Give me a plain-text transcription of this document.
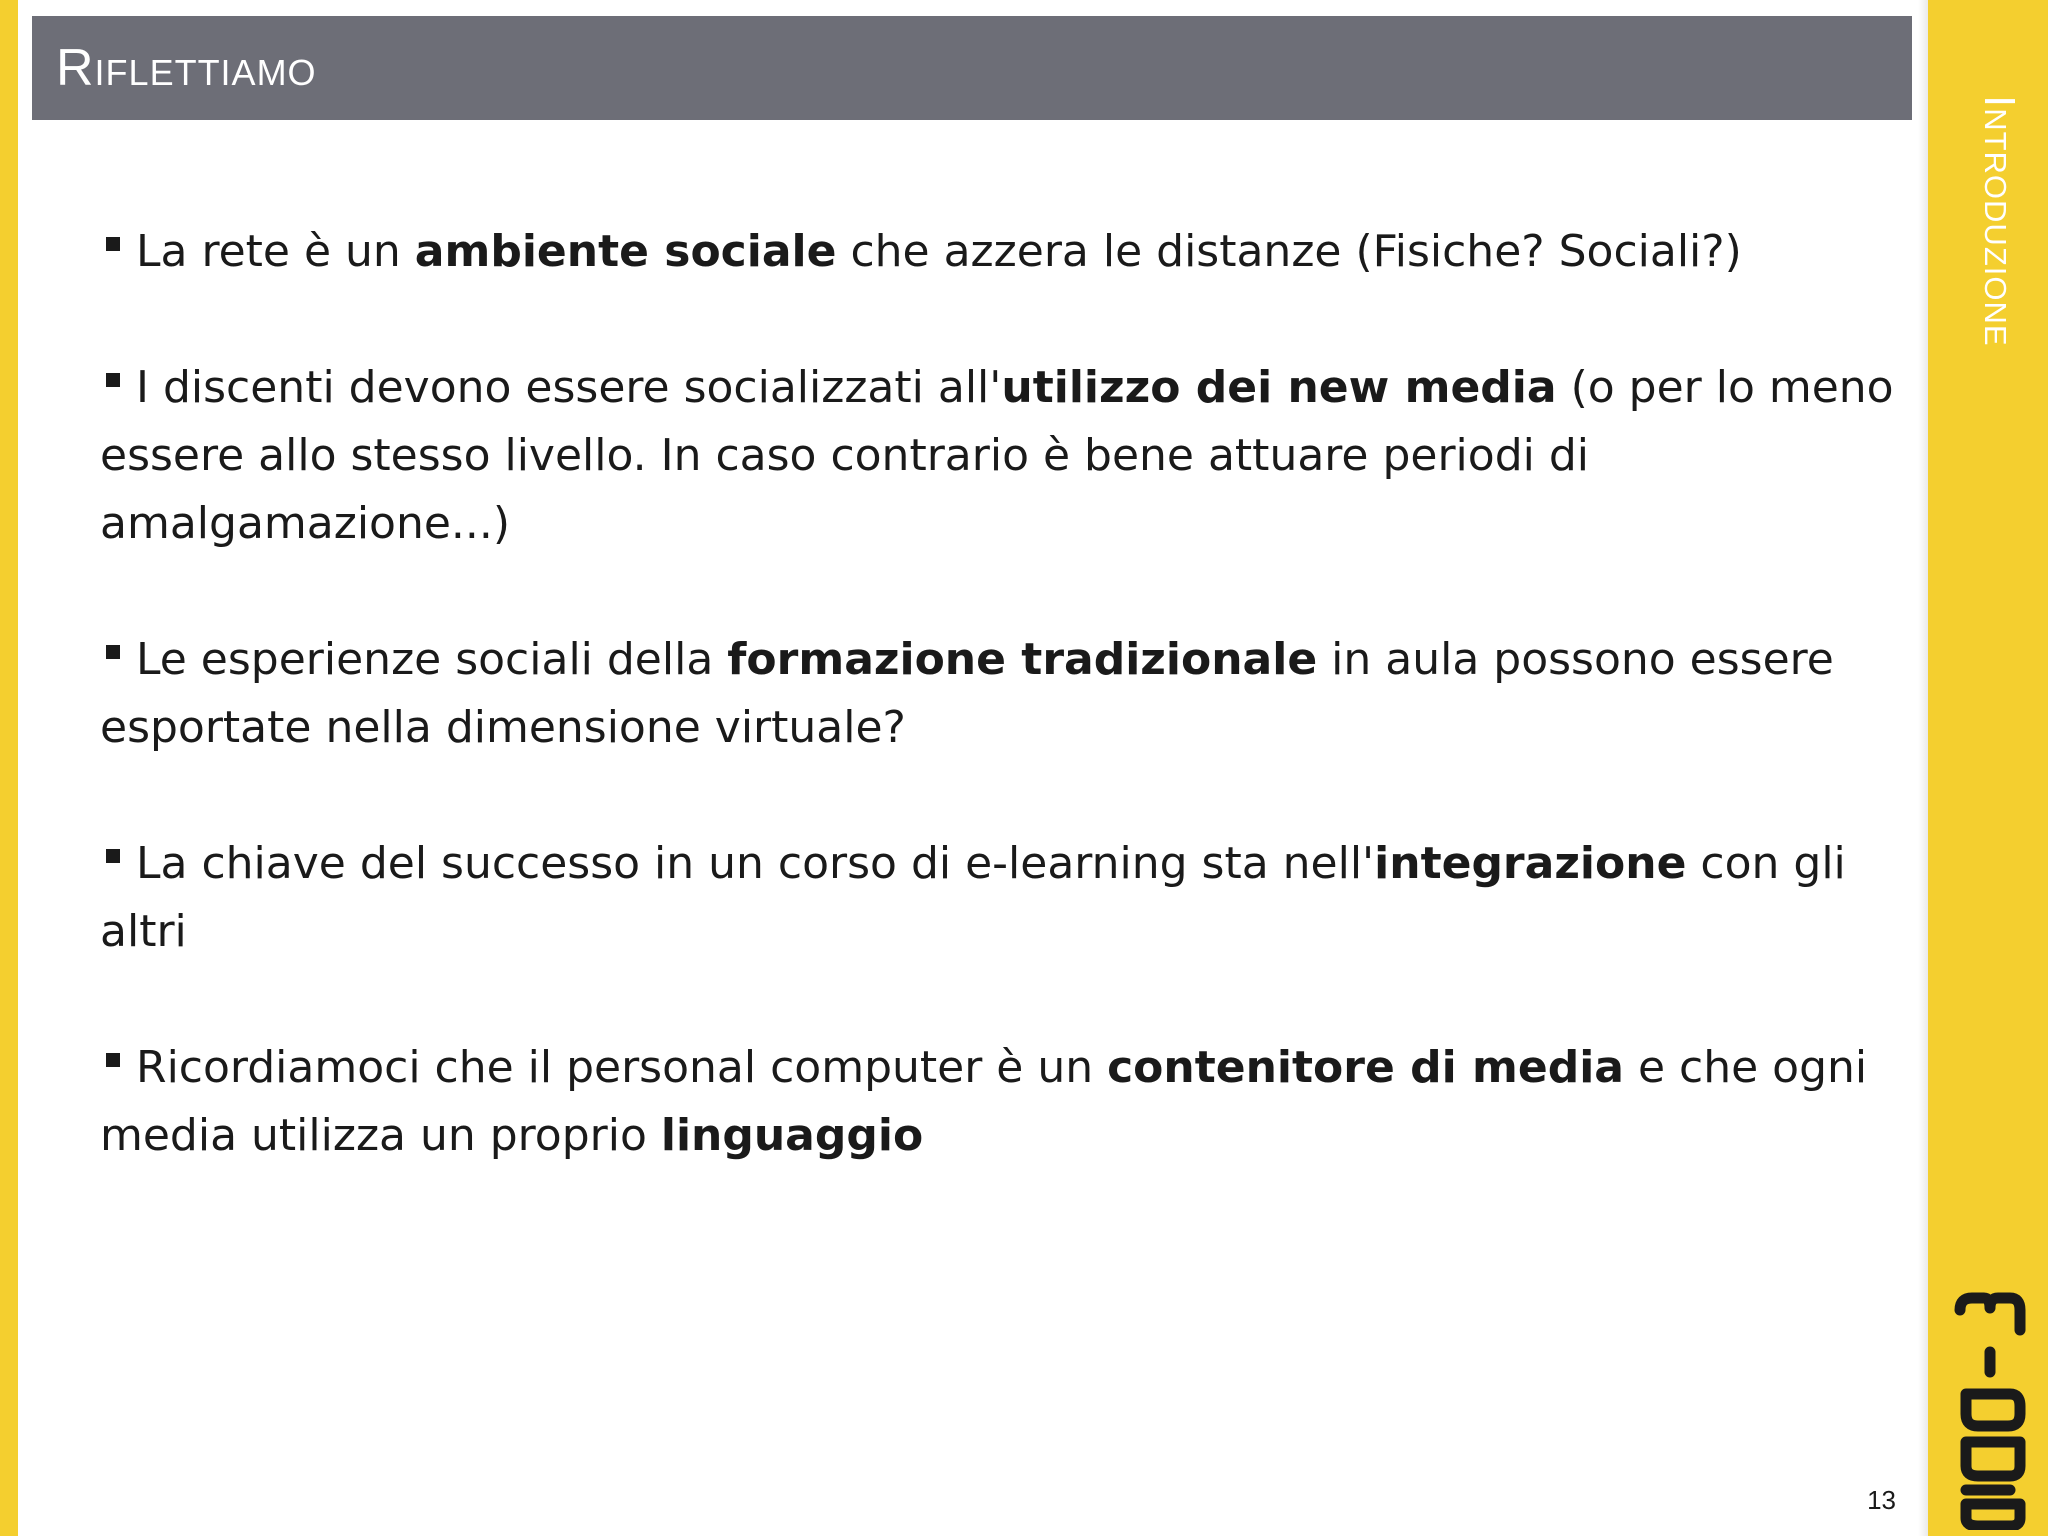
Riflettiamo
Introduzione

La rete è un ambiente sociale che azzera le distanze (Fisiche? Sociali?)

I discenti devono essere socializzati all'utilizzo dei new media (o per lo meno essere allo stesso livello. In caso contrario è bene attuare periodi di amalgamazione...)

Le esperienze sociali della formazione tradizionale in aula possono essere esportate nella dimensione virtuale?

La chiave del successo in un corso di e-learning sta nell'integrazione con gli altri

Ricordiamoci che il personal computer è un contenitore di media e che ogni media utilizza un proprio linguaggio

13
